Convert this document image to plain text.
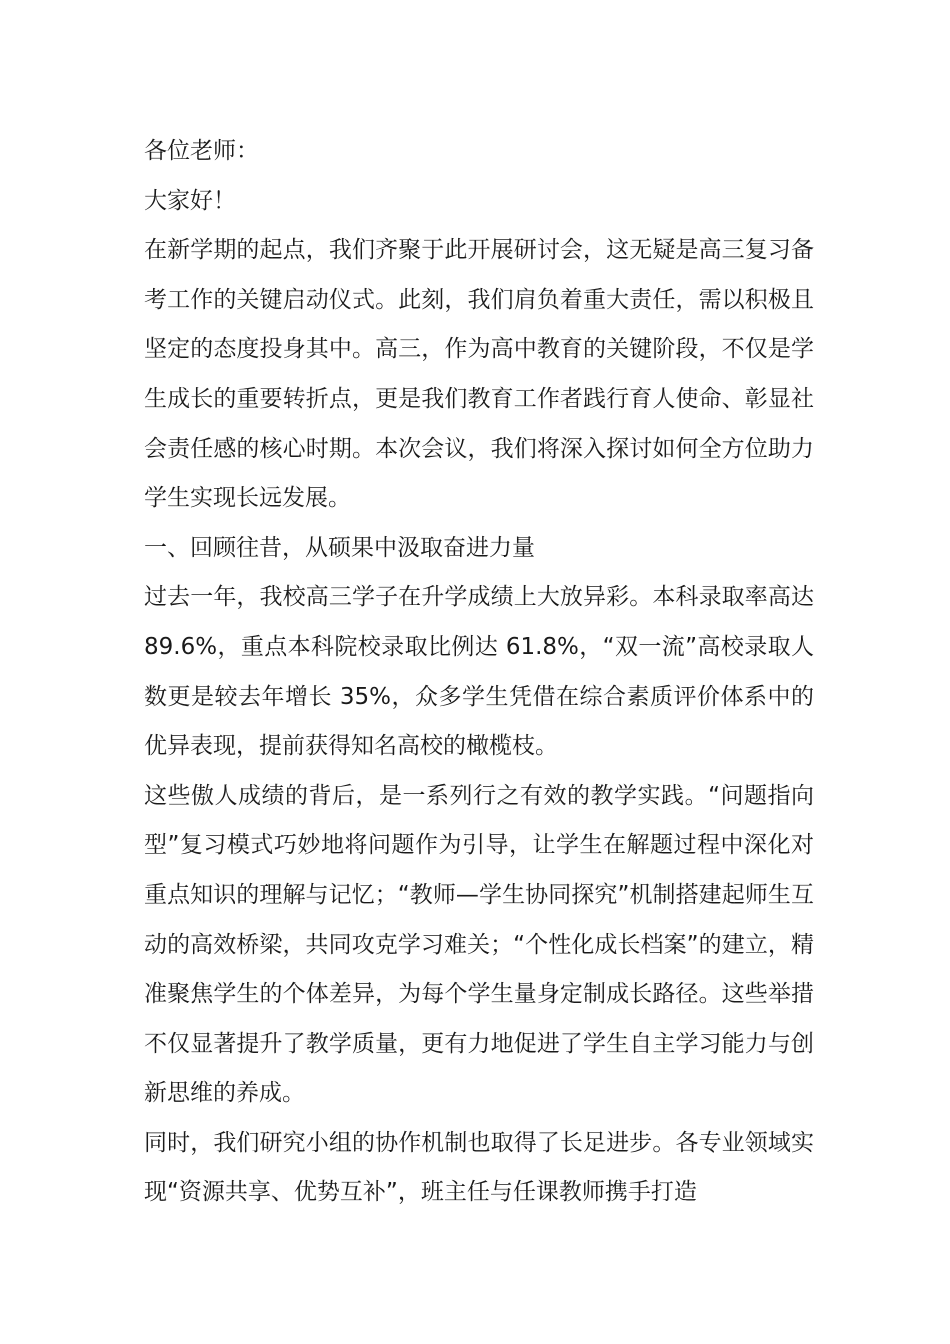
各位老师：

大家好！

在新学期的起点，我们齐聚于此开展研讨会，这无疑是高三复习备考工作的关键启动仪式。此刻，我们肩负着重大责任，需以积极且坚定的态度投身其中。高三，作为高中教育的关键阶段，不仅是学生成长的重要转折点，更是我们教育工作者践行育人使命、彰显社会责任感的核心时期。本次会议，我们将深入探讨如何全方位助力学生实现长远发展。

一、回顾往昔，从硕果中汲取奋进力量

过去一年，我校高三学子在升学成绩上大放异彩。本科录取率高达 89.6%，重点本科院校录取比例达 61.8%，“双一流”高校录取人数更是较去年增长 35%，众多学生凭借在综合素质评价体系中的优异表现，提前获得知名高校的橄榄枝。

这些傲人成绩的背后，是一系列行之有效的教学实践。“问题指向型”复习模式巧妙地将问题作为引导，让学生在解题过程中深化对重点知识的理解与记忆；“教师—学生协同探究”机制搭建起师生互动的高效桥梁，共同攻克学习难关；“个性化成长档案”的建立，精准聚焦学生的个体差异，为每个学生量身定制成长路径。这些举措不仅显著提升了教学质量，更有力地促进了学生自主学习能力与创新思维的养成。

同时，我们研究小组的协作机制也取得了长足进步。各专业领域实现“资源共享、优势互补”，班主任与任课教师携手打造
